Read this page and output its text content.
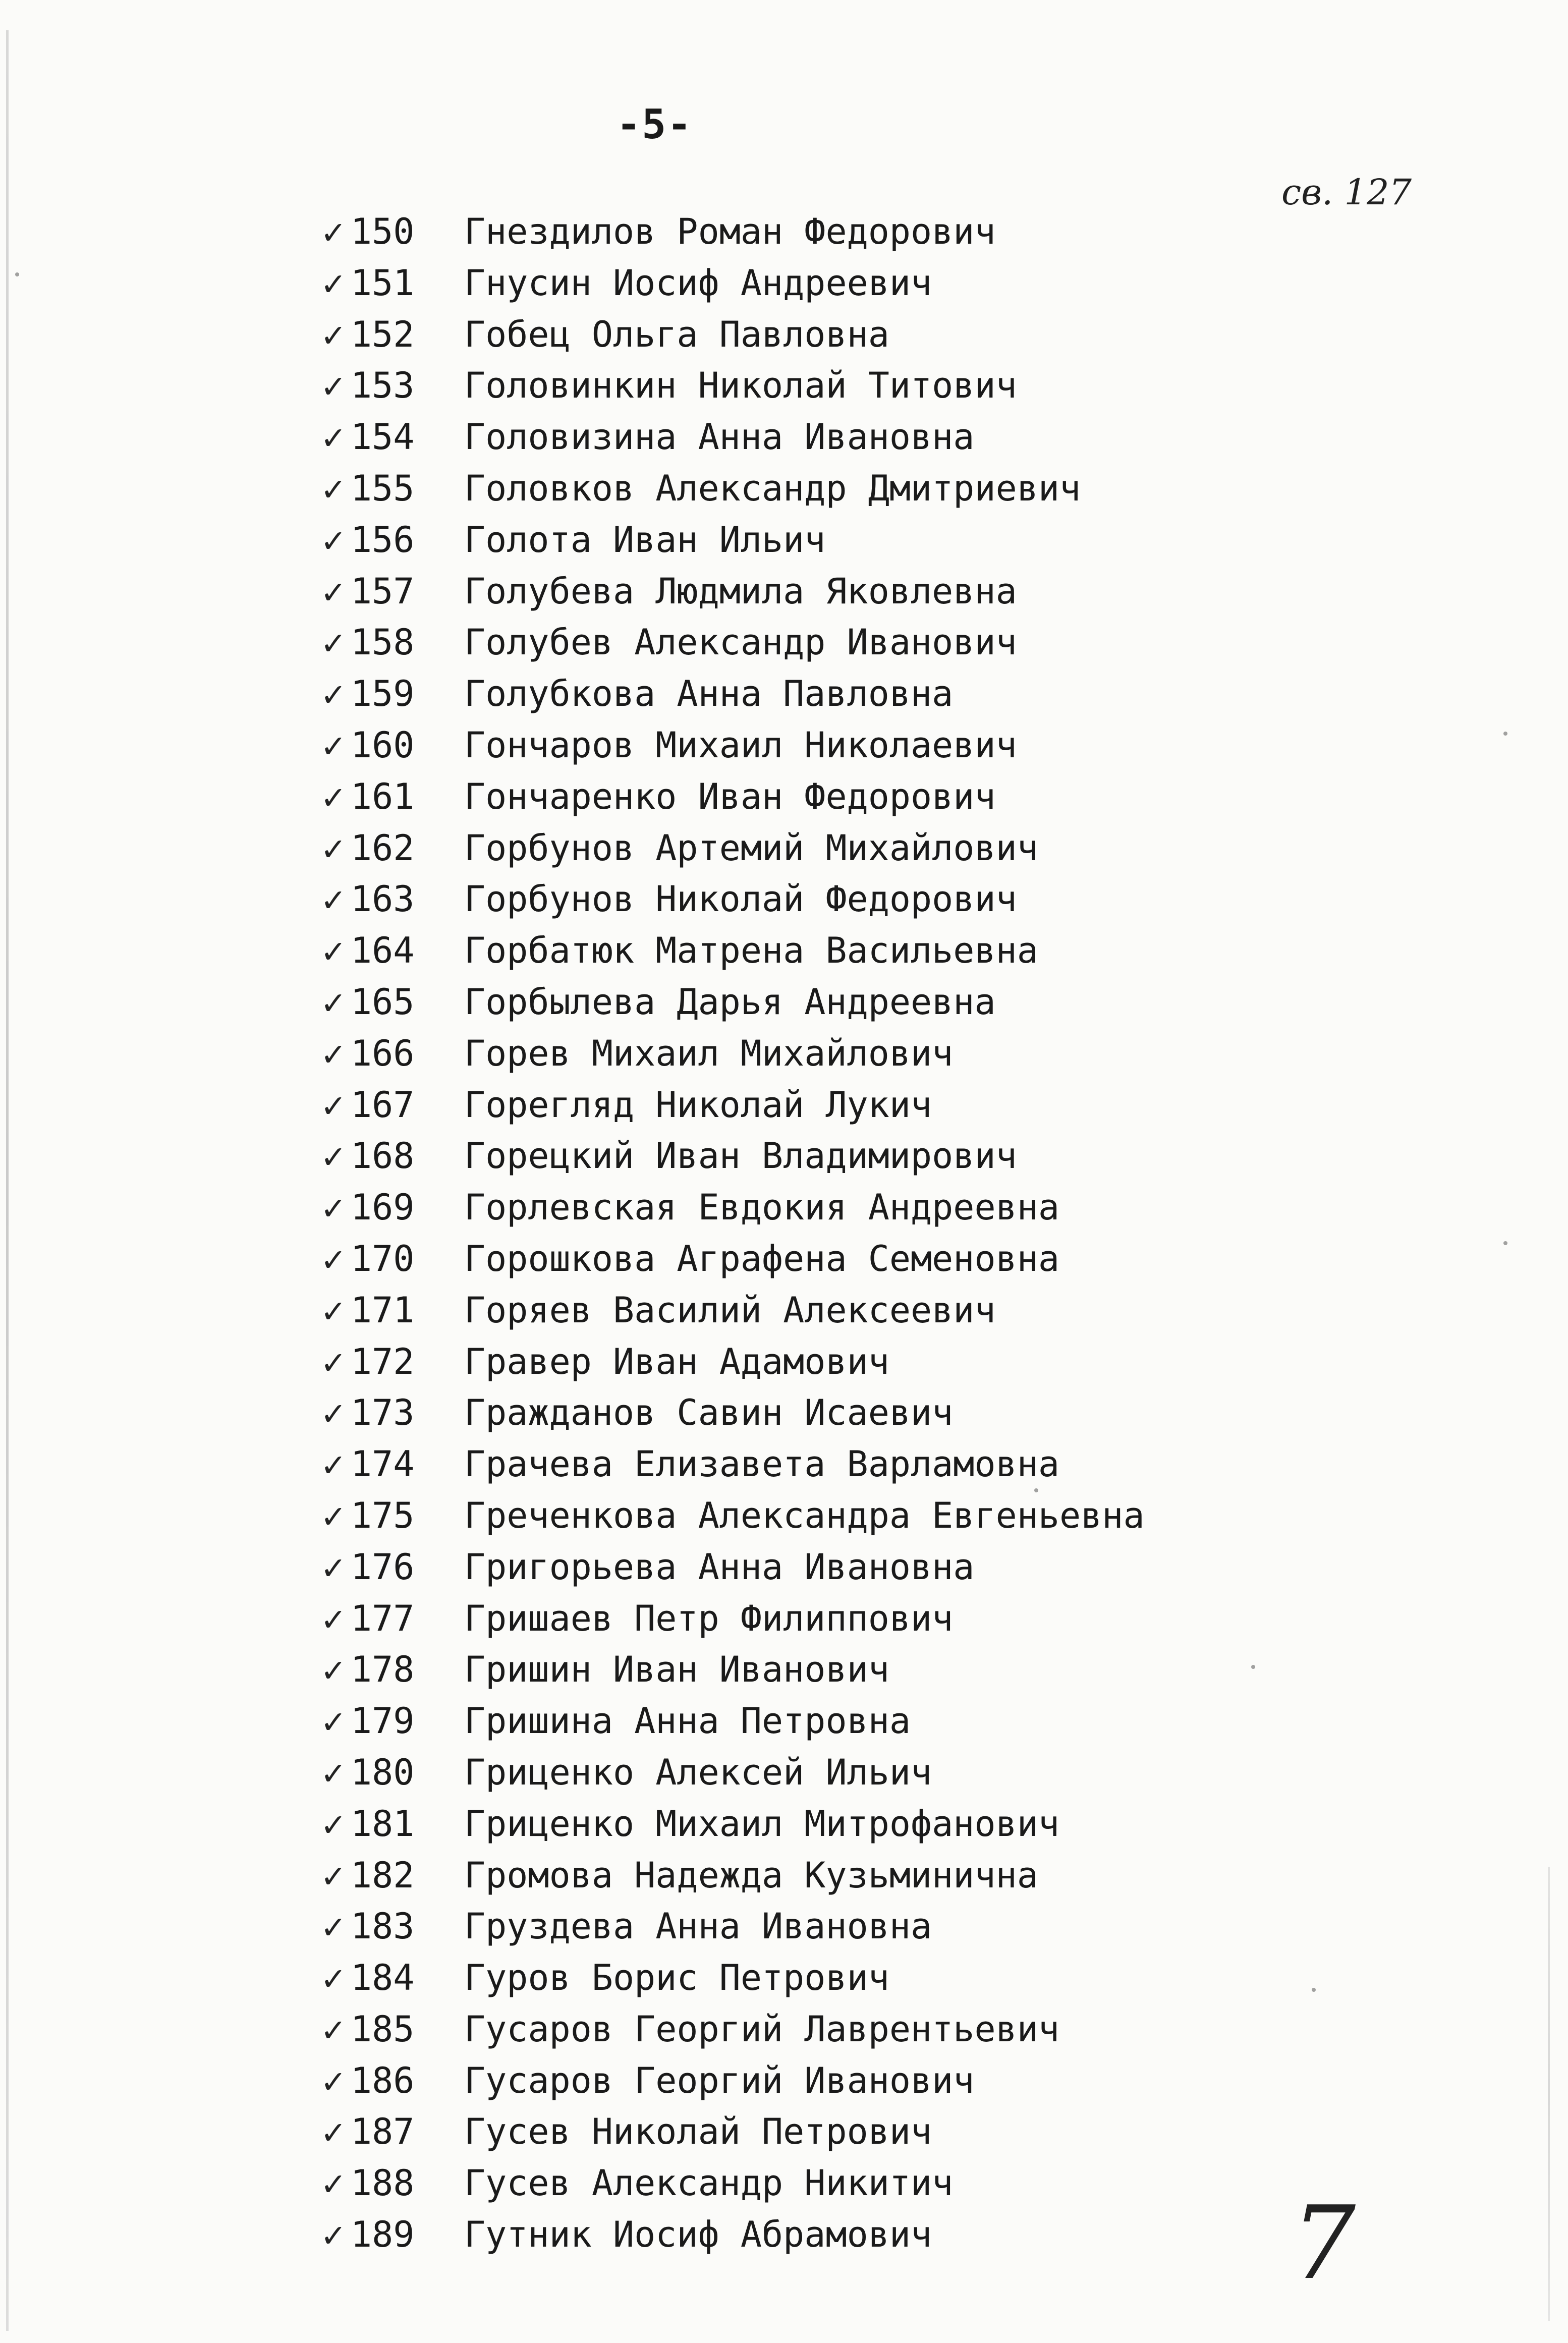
-5-
св. 127
7
✓ 150	Гнездилов Роман Федорович
✓ 151	Гнусин Иосиф Андреевич
✓ 152	Гобец Ольга Павловна
✓ 153	Головинкин Николай Титович
✓ 154	Головизина Анна Ивановна
✓ 155	Головков Александр Дмитриевич
✓ 156	Голота Иван Ильич
✓ 157	Голубева Людмила Яковлевна
✓ 158	Голубев Александр Иванович
✓ 159	Голубкова Анна Павловна
✓ 160	Гончаров Михаил Николаевич
✓ 161	Гончаренко Иван Федорович
✓ 162	Горбунов Артемий Михайлович
✓ 163	Горбунов Николай Федорович
✓ 164	Горбатюк Матрена Васильевна
✓ 165	Горбылева Дарья Андреевна
✓ 166	Горев Михаил Михайлович
✓ 167	Горегляд Николай Лукич
✓ 168	Горецкий Иван Владимирович
✓ 169	Горлевская Евдокия Андреевна
✓ 170	Горошкова Аграфена Семеновна
✓ 171	Горяев Василий Алексеевич
✓ 172	Гравер Иван Адамович
✓ 173	Гражданов Савин Исаевич
✓ 174	Грачева Елизавета Варламовна
✓ 175	Греченкова Александра Евгеньевна
✓ 176	Григорьева Анна Ивановна
✓ 177	Гришаев Петр Филиппович
✓ 178	Гришин Иван Иванович
✓ 179	Гришина Анна Петровна
✓ 180	Гриценко Алексей Ильич
✓ 181	Гриценко Михаил Митрофанович
✓ 182	Громова Надежда Кузьминична
✓ 183	Груздева Анна Ивановна
✓ 184	Гуров Борис Петрович
✓ 185	Гусаров Георгий Лаврентьевич
✓ 186	Гусаров Георгий Иванович
✓ 187	Гусев Николай Петрович
✓ 188	Гусев Александр Никитич
✓ 189	Гутник Иосиф Абрамович
